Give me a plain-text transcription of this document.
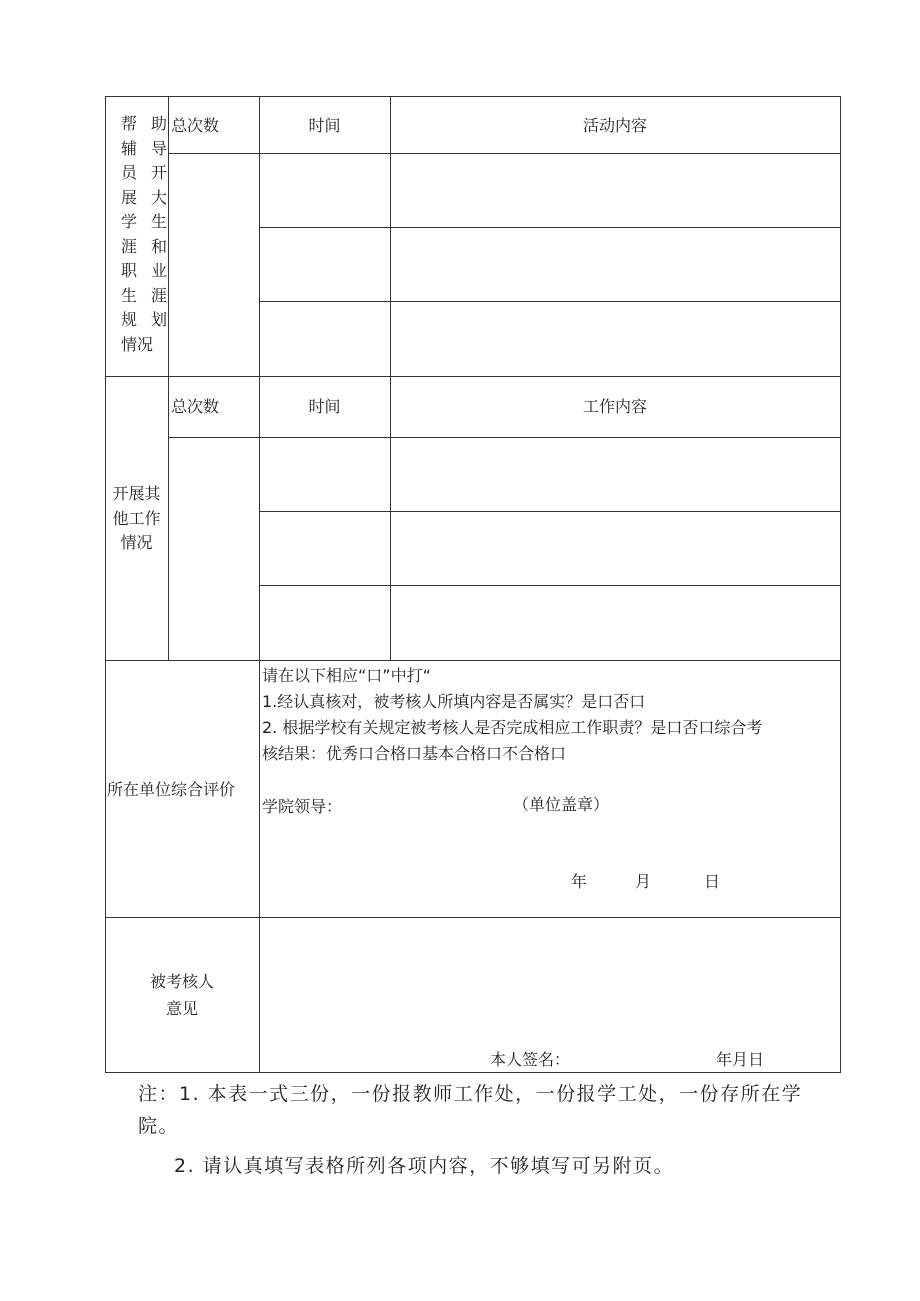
帮 助
辅 导
员 开
展 大
学 生
涯 和
职 业
生 涯
规 划
情况
总次数	时间	活动内容
开展其
他工作
情况
总次数	时间	工作内容
所在单位综合评价
请在以下相应“口”中打“
1.经认真核对，被考核人所填内容是否属实？是口否口
2. 根据学校有关规定被考核人是否完成相应工作职责？是口否口综合考
核结果：优秀口合格口基本合格口不合格口
学院领导：	（单位盖章）
年	月	日
被考核人
意见
本人签名：	年月日
注：1. 本表一式三份，一份报教师工作处，一份报学工处，一份存所在学
院。
2. 请认真填写表格所列各项内容，不够填写可另附页。
